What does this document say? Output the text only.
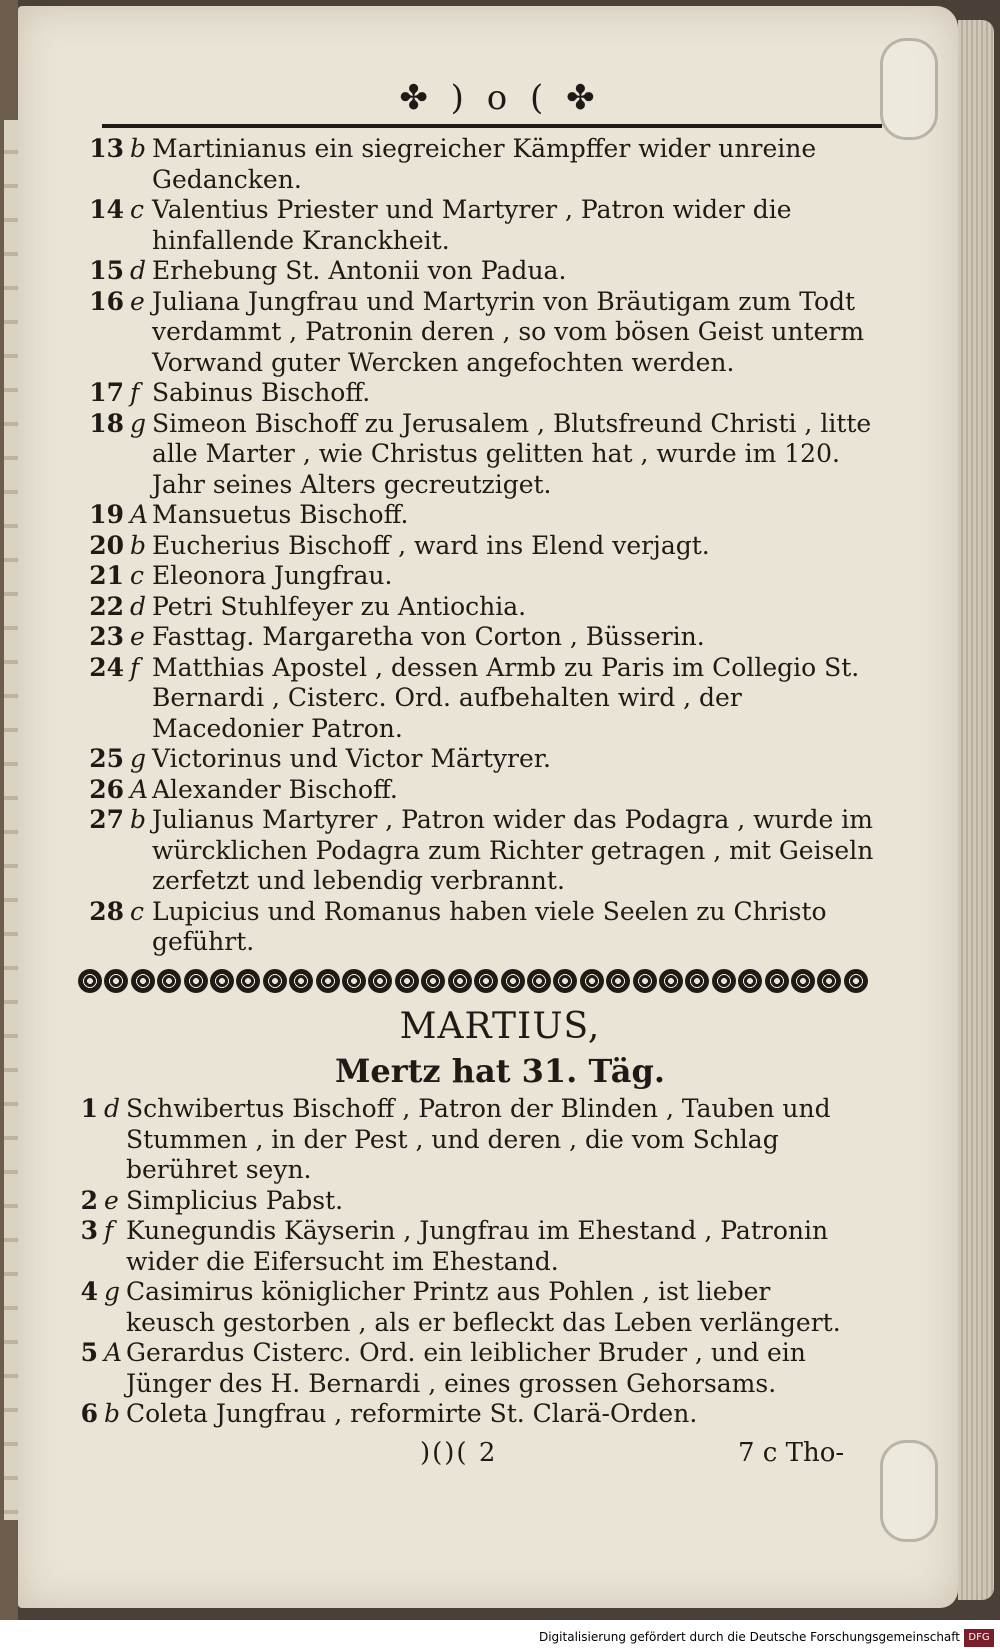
✤ ) o ( ✤
13 b Martinianus ein siegreicher Kämpffer wider unreine Gedancken.
14 c Valentius Priester und Martyrer , Patron wider die hinfallende Kranckheit.
15 d Erhebung St. Antonii von Padua.
16 e Juliana Jungfrau und Martyrin von Bräutigam zum Todt verdammt , Patronin deren , so vom bösen Geist unterm Vorwand guter Wercken angefochten werden.
17 f Sabinus Bischoff.
18 g Simeon Bischoff zu Jerusalem , Blutsfreund Christi , litte alle Marter , wie Christus gelitten hat , wurde im 120. Jahr seines Alters gecreutziget.
19 A Mansuetus Bischoff.
20 b Eucherius Bischoff , ward ins Elend verjagt.
21 c Eleonora Jungfrau.
22 d Petri Stuhlfeyer zu Antiochia.
23 e Fasttag. Margaretha von Corton , Büsserin.
24 f Matthias Apostel , dessen Armb zu Paris im Collegio St. Bernardi , Cisterc. Ord. aufbehalten wird , der Macedonier Patron.
25 g Victorinus und Victor Märtyrer.
26 A Alexander Bischoff.
27 b Julianus Martyrer , Patron wider das Podagra , wurde im würcklichen Podagra zum Richter getragen , mit Geiseln zerfetzt und lebendig verbrannt.
28 c Lupicius und Romanus haben viele Seelen zu Christo geführt.
MARTIUS,
Mertz hat 31. Täg.
1 d Schwibertus Bischoff , Patron der Blinden , Tauben und Stummen , in der Pest , und deren , die vom Schlag berühret seyn.
2 e Simplicius Pabst.
3 f Kunegundis Käyserin , Jungfrau im Ehestand , Patronin wider die Eifersucht im Ehestand.
4 g Casimirus königlicher Printz aus Pohlen , ist lieber keusch gestorben , als er befleckt das Leben verlängert.
5 A Gerardus Cisterc. Ord. ein leiblicher Bruder , und ein Jünger des H. Bernardi , eines grossen Gehorsams.
6 b Coleta Jungfrau , reformirte St. Clarä-Orden.
)()( 2	7 c Tho-
Digitalisierung gefördert durch die Deutsche Forschungsgemeinschaft DFG
